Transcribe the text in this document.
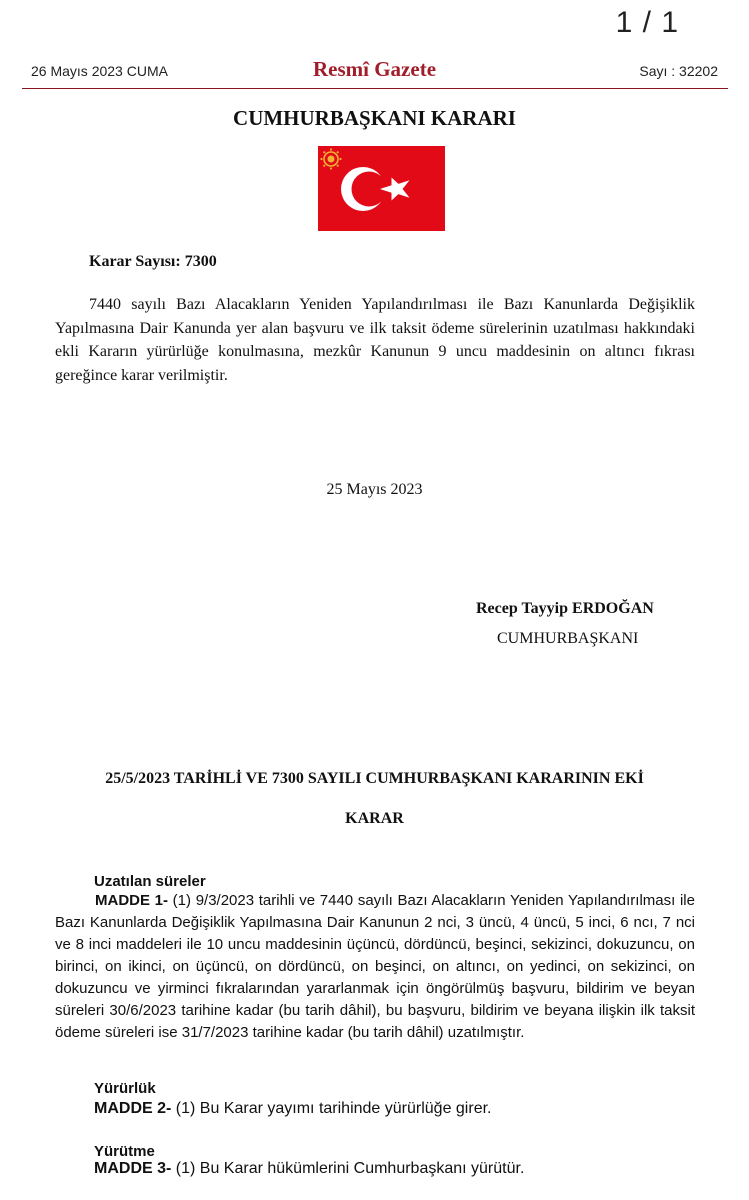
1 / 1
26 Mayıs 2023 CUMA	Resmî Gazete	Sayı : 32202
CUMHURBAŞKANI KARARI
Karar Sayısı: 7300

7440 sayılı Bazı Alacakların Yeniden Yapılandırılması ile Bazı Kanunlarda Değişiklik Yapılmasına Dair Kanunda yer alan başvuru ve ilk taksit ödeme sürelerinin uzatılması hakkındaki ekli Kararın yürürlüğe konulmasına, mezkûr Kanunun 9 uncu maddesinin on altıncı fıkrası gereğince karar verilmiştir.

25 Mayıs 2023
Recep Tayyip ERDOĞAN
CUMHURBAŞKANI
25/5/2023 TARİHLİ VE 7300 SAYILI CUMHURBAŞKANI KARARININ EKİ
KARAR
Uzatılan süreler

MADDE 1- (1) 9/3/2023 tarihli ve 7440 sayılı Bazı Alacakların Yeniden Yapılandırılması ile Bazı Kanunlarda Değişiklik Yapılmasına Dair Kanunun 2 nci, 3 üncü, 4 üncü, 5 inci, 6 ncı, 7 nci ve 8 inci maddeleri ile 10 uncu maddesinin üçüncü, dördüncü, beşinci, sekizinci, dokuzuncu, on birinci, on ikinci, on üçüncü, on dördüncü, on beşinci, on altıncı, on yedinci, on sekizinci, on dokuzuncu ve yirminci fıkralarından yararlanmak için öngörülmüş başvuru, bildirim ve beyan süreleri 30/6/2023 tarihine kadar (bu tarih dâhil), bu başvuru, bildirim ve beyana ilişkin ilk taksit ödeme süreleri ise 31/7/2023 tarihine kadar (bu tarih dâhil) uzatılmıştır.

Yürürlük
MADDE 2- (1) Bu Karar yayımı tarihinde yürürlüğe girer.
Yürütme
MADDE 3- (1) Bu Karar hükümlerini Cumhurbaşkanı yürütür.
